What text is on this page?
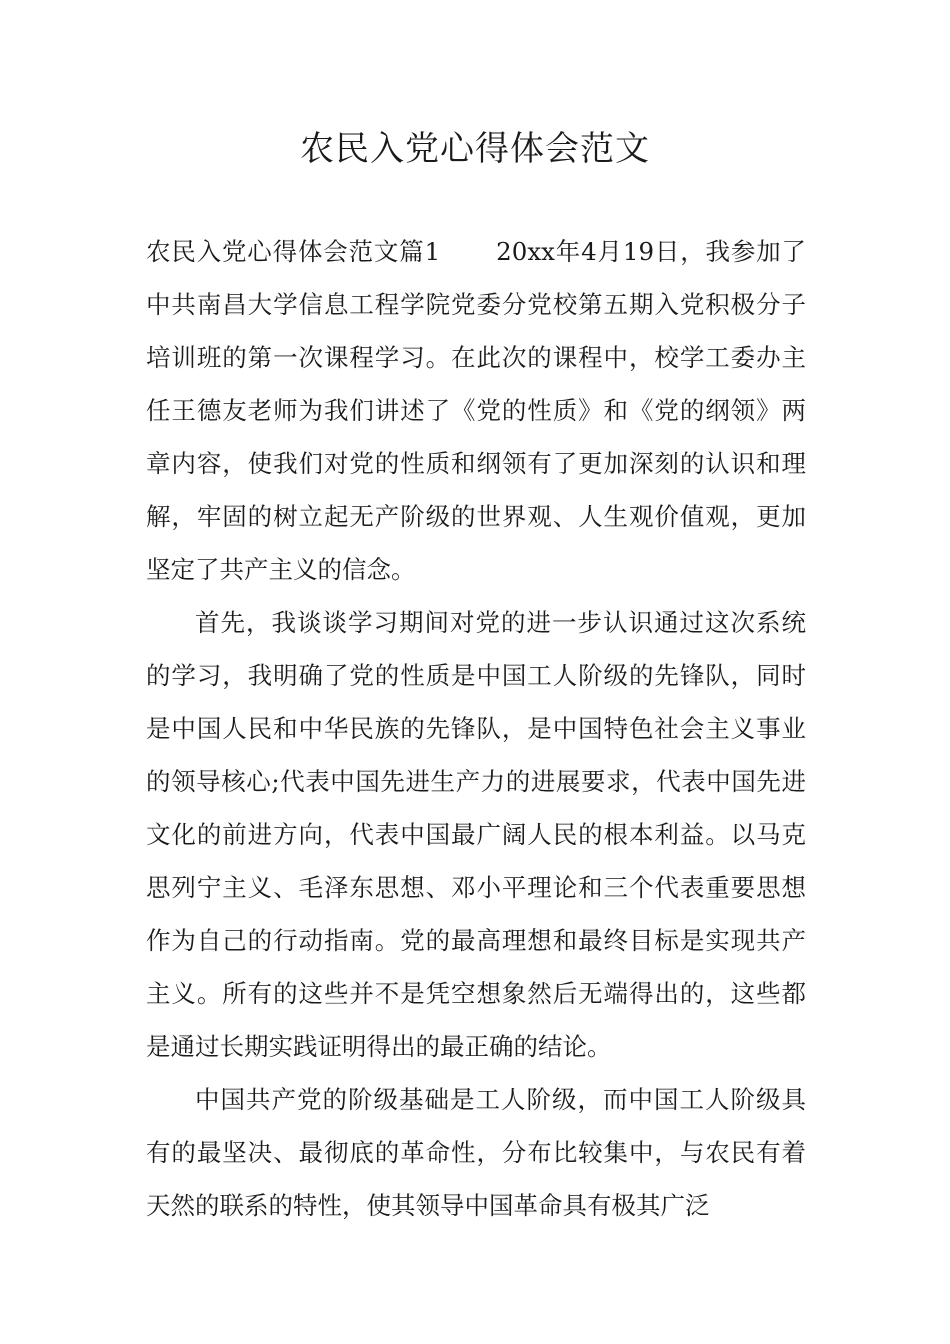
农民入党心得体会范文

农民入党心得体会范文篇1 20xx年4月19日，我参加了中共南昌大学信息工程学院党委分党校第五期入党积极分子培训班的第一次课程学习。在此次的课程中，校学工委办主任王德友老师为我们讲述了《党的性质》和《党的纲领》两章内容，使我们对党的性质和纲领有了更加深刻的认识和理解，牢固的树立起无产阶级的世界观、人生观价值观，更加坚定了共产主义的信念。

首先，我谈谈学习期间对党的进一步认识通过这次系统的学习，我明确了党的性质是中国工人阶级的先锋队，同时是中国人民和中华民族的先锋队，是中国特色社会主义事业的领导核心;代表中国先进生产力的进展要求，代表中国先进文化的前进方向，代表中国最广阔人民的根本利益。以马克思列宁主义、毛泽东思想、邓小平理论和三个代表重要思想作为自己的行动指南。党的最高理想和最终目标是实现共产主义。所有的这些并不是凭空想象然后无端得出的，这些都是通过长期实践证明得出的最正确的结论。

中国共产党的阶级基础是工人阶级，而中国工人阶级具有的最坚决、最彻底的革命性，分布比较集中，与农民有着天然的联系的特性，使其领导中国革命具有极其广泛
